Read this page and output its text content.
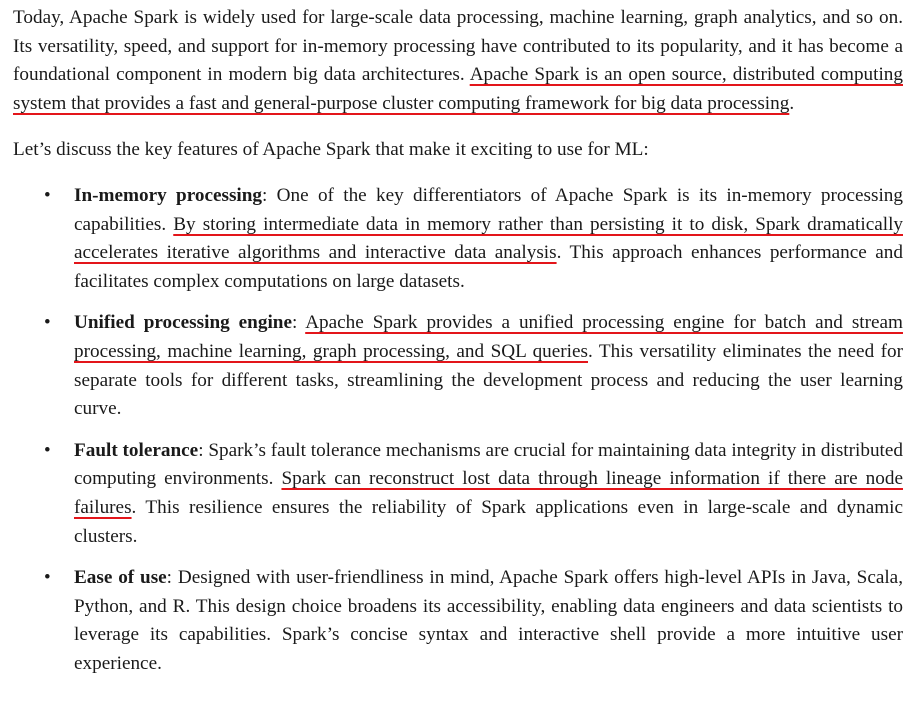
Today, Apache Spark is widely used for large-scale data processing, machine learning, graph analytics, and so on. Its versatility, speed, and support for in-memory processing have contributed to its popularity, and it has become a foundational component in modern big data architectures. Apache Spark is an open source, distributed computing system that provides a fast and general-purpose cluster computing framework for big data processing.

Let’s discuss the key features of Apache Spark that make it exciting to use for ML:

• In-memory processing: One of the key differentiators of Apache Spark is its in-memory processing capabilities. By storing intermediate data in memory rather than persisting it to disk, Spark dramatically accelerates iterative algorithms and interactive data analysis. This approach enhances performance and facilitates complex computations on large datasets.
• Unified processing engine: Apache Spark provides a unified processing engine for batch and stream processing, machine learning, graph processing, and SQL queries. This versatility eliminates the need for separate tools for different tasks, streamlining the development process and reducing the user learning curve.
• Fault tolerance: Spark’s fault tolerance mechanisms are crucial for maintaining data integrity in distributed computing environments. Spark can reconstruct lost data through lineage information if there are node failures. This resilience ensures the reliability of Spark applications even in large-scale and dynamic clusters.
• Ease of use: Designed with user-friendliness in mind, Apache Spark offers high-level APIs in Java, Scala, Python, and R. This design choice broadens its accessibility, enabling data engineers and data scientists to leverage its capabilities. Spark’s concise syntax and interactive shell provide a more intuitive user experience.
